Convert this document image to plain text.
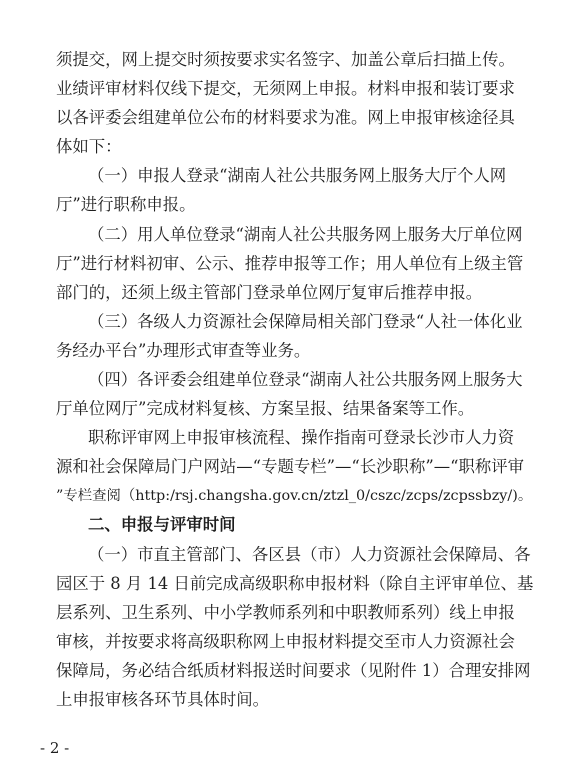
须提交，网上提交时须按要求实名签字、加盖公章后扫描上传。
业绩评审材料仅线下提交，无须网上申报。材料申报和装订要求
以各评委会组建单位公布的材料要求为准。网上申报审核途径具
体如下：
（一）申报人登录“湖南人社公共服务网上服务大厅个人网
厅”进行职称申报。
（二）用人单位登录“湖南人社公共服务网上服务大厅单位网
厅”进行材料初审、公示、推荐申报等工作；用人单位有上级主管
部门的，还须上级主管部门登录单位网厅复审后推荐申报。
（三）各级人力资源社会保障局相关部门登录“人社一体化业
务经办平台”办理形式审查等业务。
（四）各评委会组建单位登录“湖南人社公共服务网上服务大
厅单位网厅”完成材料复核、方案呈报、结果备案等工作。
职称评审网上申报审核流程、操作指南可登录长沙市人力资
源和社会保障局门户网站—“专题专栏”—“长沙职称”—“职称评审
”专栏查阅（http:/rsj.changsha.gov.cn/ztzl_0/cszc/zcps/zcpssbzy/)。
二、申报与评审时间
（一）市直主管部门、各区县（市）人力资源社会保障局、各
园区于 8 月 14 日前完成高级职称申报材料（除自主评审单位、基
层系列、卫生系列、中小学教师系列和中职教师系列）线上申报
审核，并按要求将高级职称网上申报材料提交至市人力资源社会
保障局，务必结合纸质材料报送时间要求（见附件 1）合理安排网
上申报审核各环节具体时间。
- 2 -
